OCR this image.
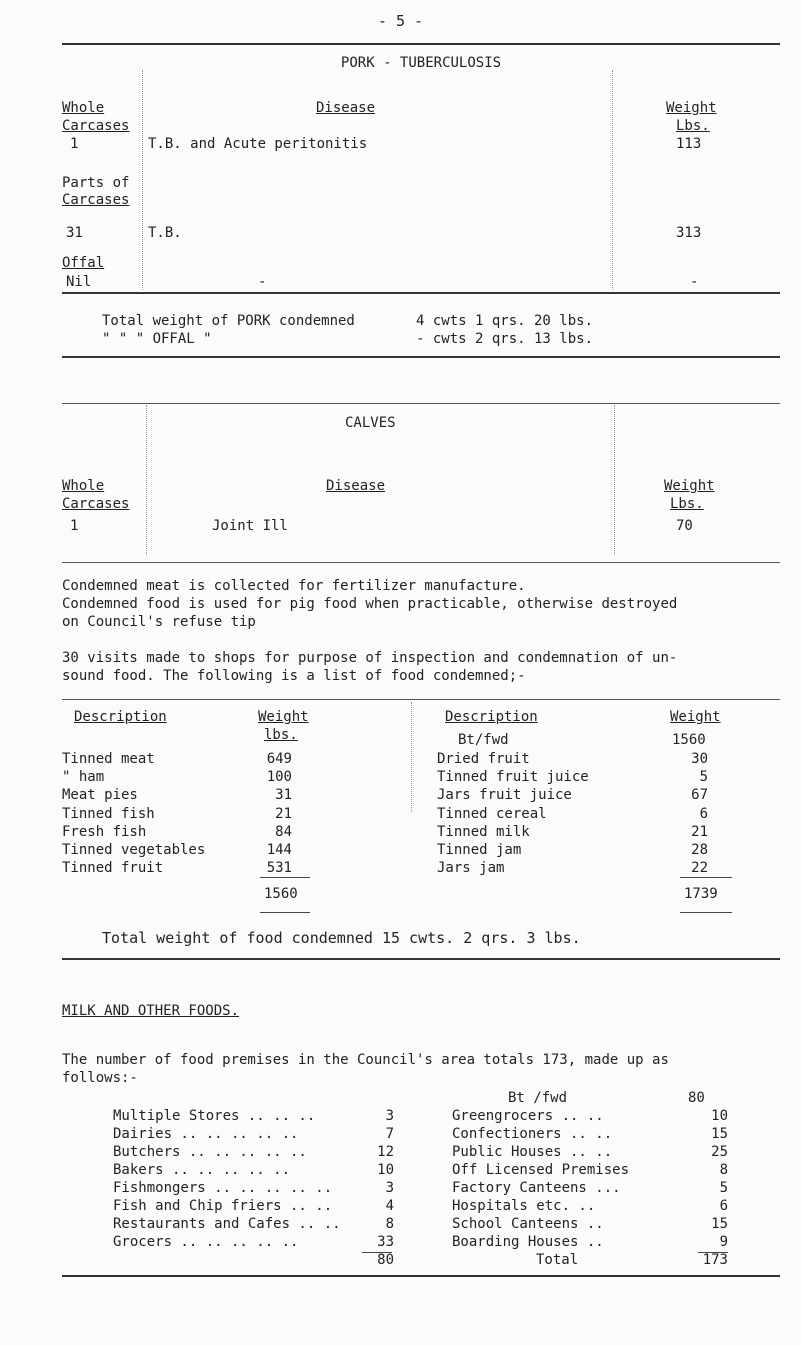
- 5 -
PORK - TUBERCULOSIS
Whole
Carcases
Disease	Weight
Lbs.
1	T.B. and Acute peritonitis	113
Parts of
Carcases
31	T.B.	313
Offal
Nil	-	-
Total weight of PORK condemned	4 cwts 1 qrs. 20 lbs.
" " " OFFAL "	- cwts 2 qrs. 13 lbs.
CALVES
Whole
Carcases
Disease	Weight
Lbs.
1	Joint Ill	70
Condemned meat is collected for fertilizer manufacture.
Condemned food is used for pig food when practicable, otherwise destroyed
on Council's refuse tip
30 visits made to shops for purpose of inspection and condemnation of un-
sound food. The following is a list of food condemned;-
Description	Weight
lbs.
Description	Weight
Bt/fwd	1560
Tinned meat	649
" ham	100
Meat pies	31
Tinned fish	21
Fresh fish	84
Tinned vegetables	144
Tinned fruit	531
Dried fruit	30
Tinned fruit juice	5
Jars fruit juice	67
Tinned cereal	6
Tinned milk	21
Tinned jam	28
Jars jam	22
1560	1739
Total weight of food condemned 15 cwts. 2 qrs. 3 lbs.
MILK AND OTHER FOODS.
The number of food premises in the Council's area totals 173, made up as
follows:-
Bt /fwd	80
Multiple Stores .. .. ..	3
Dairies .. .. .. .. ..	7
Butchers .. .. .. .. ..	12
Bakers .. .. .. .. ..	10
Fishmongers .. .. .. .. ..	3
Fish and Chip friers .. ..	4
Restaurants and Cafes .. ..	8
Grocers .. .. .. .. ..	33
Greengrocers .. ..	10
Confectioners .. ..	15
Public Houses .. ..	25
Off Licensed Premises	8
Factory Canteens ...	5
Hospitals etc. ..	6
School Canteens ..	15
Boarding Houses ..	9
80	Total	173
